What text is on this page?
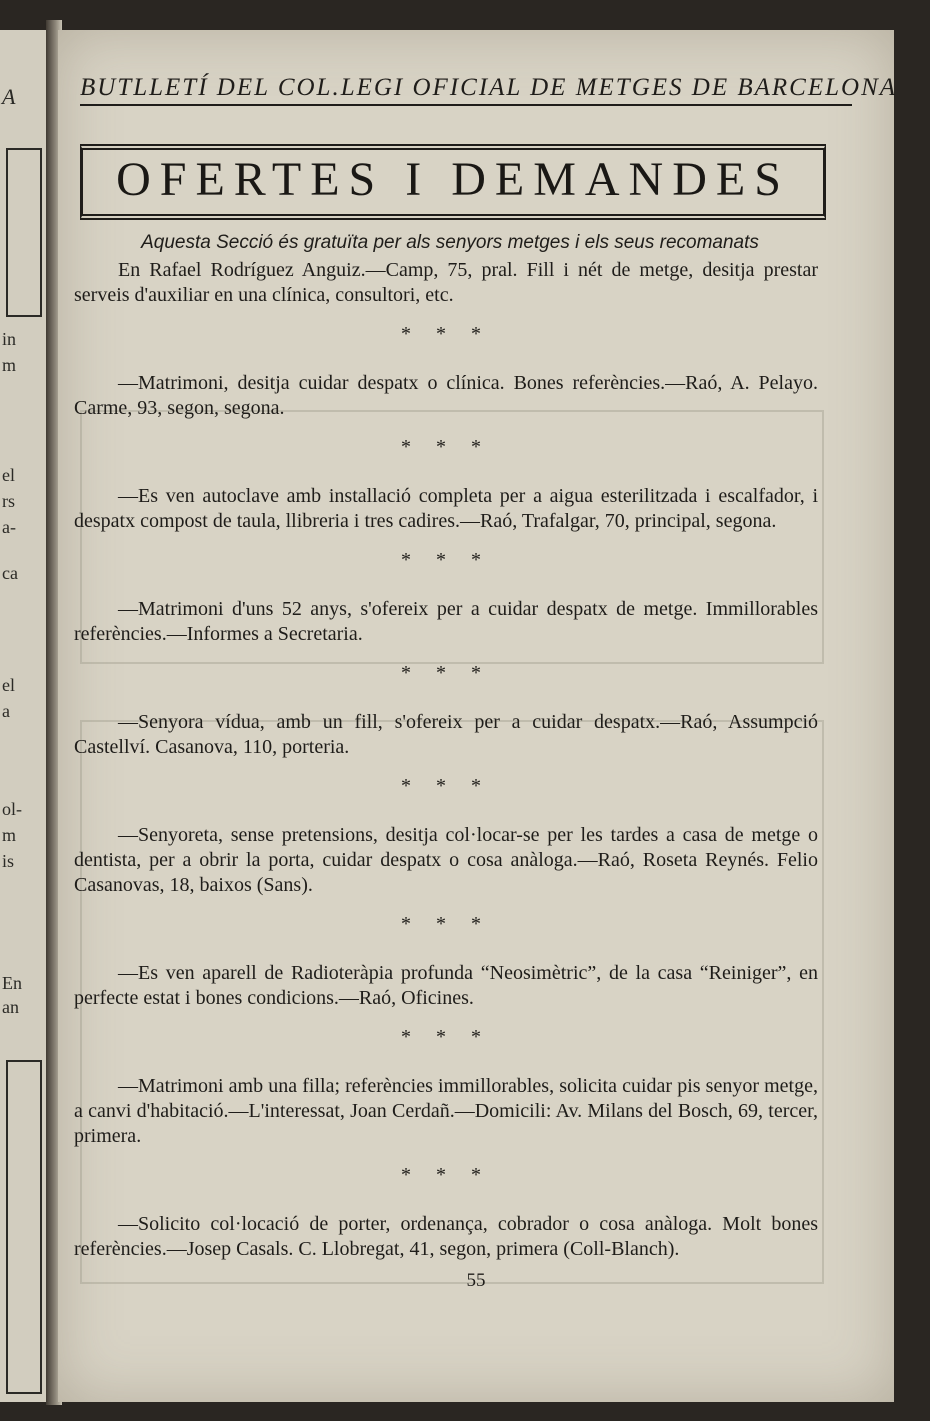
A
in
m
el
rs
a-
ca
el
a
ol-
m
is
En
an
BUTLLETÍ DEL COL.LEGI OFICIAL DE METGES DE BARCELONA
OFERTES I DEMANDES
Aquesta Secció és gratuïta per als senyors metges i els seus recomanats

En Rafael Rodríguez Anguiz.—Camp, 75, pral. Fill i nét de metge, desitja prestar serveis d'auxiliar en una clínica, consultori, etc.

* * *

—Matrimoni, desitja cuidar despatx o clínica. Bones referències.—Raó, A. Pelayo. Carme, 93, segon, segona.

* * *

—Es ven autoclave amb installació completa per a aigua esterilitzada i escalfador, i despatx compost de taula, llibreria i tres cadires.—Raó, Trafalgar, 70, principal, segona.

* * *

—Matrimoni d'uns 52 anys, s'ofereix per a cuidar despatx de metge. Immillorables referències.—Informes a Secretaria.

* * *

—Senyora vídua, amb un fill, s'ofereix per a cuidar despatx.—Raó, Assumpció Castellví. Casanova, 110, porteria.

* * *

—Senyoreta, sense pretensions, desitja col·locar-se per les tardes a casa de metge o dentista, per a obrir la porta, cuidar despatx o cosa anàloga.—Raó, Roseta Reynés. Felio Casanovas, 18, baixos (Sans).

* * *

—Es ven aparell de Radioteràpia profunda “Neosimètric”, de la casa “Reiniger”, en perfecte estat i bones condicions.—Raó, Oficines.

* * *

—Matrimoni amb una filla; referències immillorables, solicita cuidar pis senyor metge, a canvi d'habitació.—L'interessat, Joan Cerdañ.—Domicili: Av. Milans del Bosch, 69, tercer, primera.

* * *

—Solicito col·locació de porter, ordenança, cobrador o cosa anàloga. Molt bones referències.—Josep Casals. C. Llobregat, 41, segon, primera (Coll-Blanch).

55
